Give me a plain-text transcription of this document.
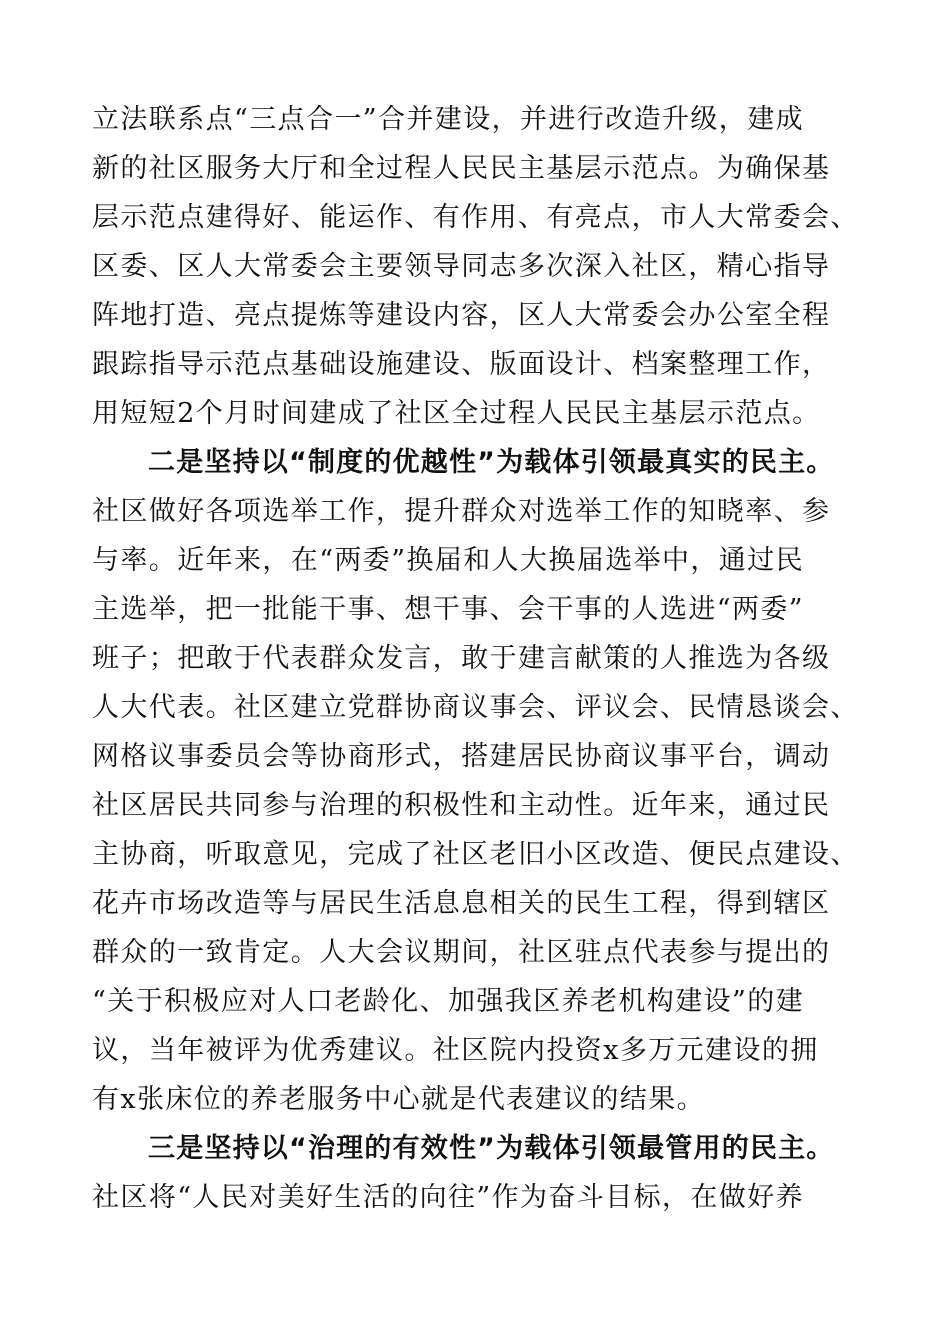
立法联系点“三点合一”合并建设，并进行改造升级，建成
新的社区服务大厅和全过程人民民主基层示范点。为确保基
层示范点建得好、能运作、有作用、有亮点，市人大常委会、
区委、区人大常委会主要领导同志多次深入社区，精心指导
阵地打造、亮点提炼等建设内容，区人大常委会办公室全程
跟踪指导示范点基础设施建设、版面设计、档案整理工作，
用短短2个月时间建成了社区全过程人民民主基层示范点。
二是坚持以“制度的优越性”为载体引领最真实的民主。
社区做好各项选举工作，提升群众对选举工作的知晓率、参
与率。近年来，在“两委”换届和人大换届选举中，通过民
主选举，把一批能干事、想干事、会干事的人选进“两委”
班子；把敢于代表群众发言，敢于建言献策的人推选为各级
人大代表。社区建立党群协商议事会、评议会、民情恳谈会、
网格议事委员会等协商形式，搭建居民协商议事平台，调动
社区居民共同参与治理的积极性和主动性。近年来，通过民
主协商，听取意见，完成了社区老旧小区改造、便民点建设、
花卉市场改造等与居民生活息息相关的民生工程，得到辖区
群众的一致肯定。人大会议期间，社区驻点代表参与提出的
“关于积极应对人口老龄化、加强我区养老机构建设”的建
议，当年被评为优秀建议。社区院内投资x多万元建设的拥
有x张床位的养老服务中心就是代表建议的结果。
三是坚持以“治理的有效性”为载体引领最管用的民主。
社区将“人民对美好生活的向往”作为奋斗目标，在做好养
